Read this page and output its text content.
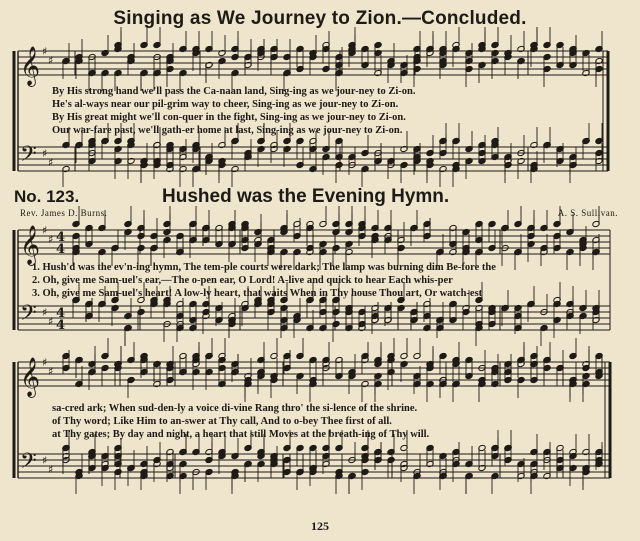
𝄞
𝄢
♯
♯
♯
♯
𝄞
𝄢
♯
♯
♯
♯
4
4
4
4
𝄞
𝄢
♯
♯
♯
♯
Singing as We Journey to Zion.—Concluded.
By His strong hand we'll pass the Ca-naan land, Sing-ing as we jour-ney to Zi-on.
He's al-ways near our pil-grim way to cheer, Sing-ing as we jour-ney to Zi-on.
By His great might we'll con-quer in the fight, Sing-ing as we jour-ney to Zi-on.
Our war-fare past, we'll gath-er home at last, Sing-ing as we jour-ney to Zi-on.
No. 123.	Hushed was the Evening Hymn.
Rev. James D. Burns.	A. S. Sullivan.
1. Hush'd was the ev'n-ing hymn, The tem-ple courts were dark; The lamp was burning dim Be-fore the
2. Oh, give me Sam-uel's ear,—The o-pen ear, O Lord! A-live and quick to hear Each whis-per
3. Oh, give me Sam-uel's heart! A low-ly heart, that waits When in Thy house Thou art, Or watch-est
sa-cred ark; When sud-den-ly a voice di-vine Rang thro' the si-lence of the shrine.
of Thy word; Like Him to an-swer at Thy call, And to o-bey Thee first of all.
at Thy gates; By day and night, a heart that still Moves at the breath-ing of Thy will.
125
